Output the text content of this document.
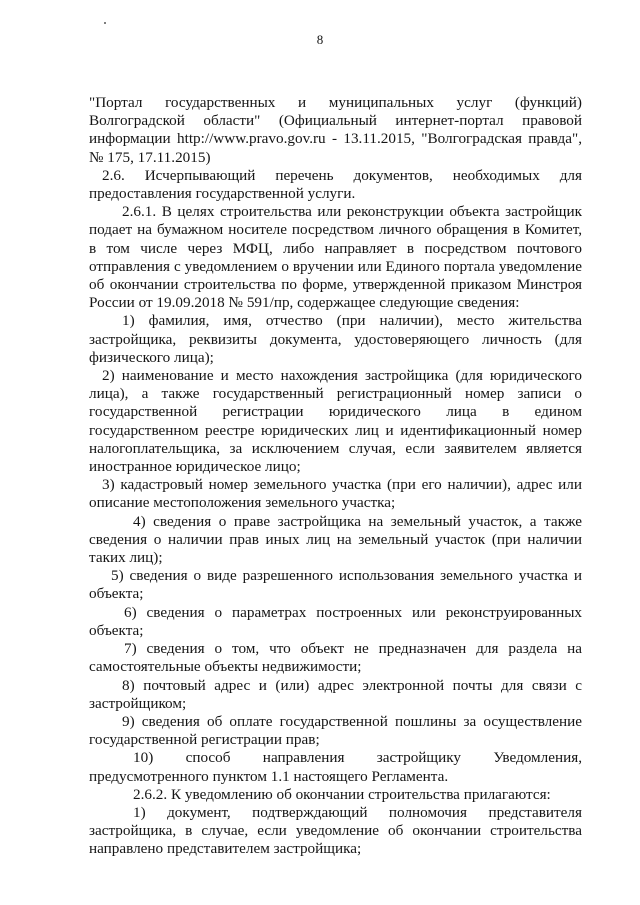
8

"Портал государственных и муниципальных услуг (функций) Волгоградской области" (Официальный интернет-портал правовой информации http://www.pravo.gov.ru - 13.11.2015, "Волгоградская правда", № 175, 17.11.2015)

2.6. Исчерпывающий перечень документов, необходимых для предоставления государственной услуги.

2.6.1. В целях строительства или реконструкции объекта застройщик подает на бумажном носителе посредством личного обращения в Комитет, в том числе через МФЦ, либо направляет в посредством почтового отправления с уведомлением о вручении или Единого портала уведомление об окончании строительства по форме, утвержденной приказом Минстроя России от 19.09.2018 № 591/пр, содержащее следующие сведения:

1) фамилия, имя, отчество (при наличии), место жительства застройщика, реквизиты документа, удостоверяющего личность (для физического лица);

2) наименование и место нахождения застройщика (для юридического лица), а также государственный регистрационный номер записи о государственной регистрации юридического лица в едином государственном реестре юридических лиц и идентификационный номер налогоплательщика, за исключением случая, если заявителем является иностранное юридическое лицо;

3) кадастровый номер земельного участка (при его наличии), адрес или описание местоположения земельного участка;

4) сведения о праве застройщика на земельный участок, а также сведения о наличии прав иных лиц на земельный участок (при наличии таких лиц);

5) сведения о виде разрешенного использования земельного участка и объекта;

6) сведения о параметрах построенных или реконструированных объекта;

7) сведения о том, что объект не предназначен для раздела на самостоятельные объекты недвижимости;

8) почтовый адрес и (или) адрес электронной почты для связи с застройщиком;

9) сведения об оплате государственной пошлины за осуществление государственной регистрации прав;

10) способ направления застройщику Уведомления, предусмотренного пунктом 1.1 настоящего Регламента.

2.6.2. К уведомлению об окончании строительства прилагаются:

1) документ, подтверждающий полномочия представителя застройщика, в случае, если уведомление об окончании строительства направлено представителем застройщика;
